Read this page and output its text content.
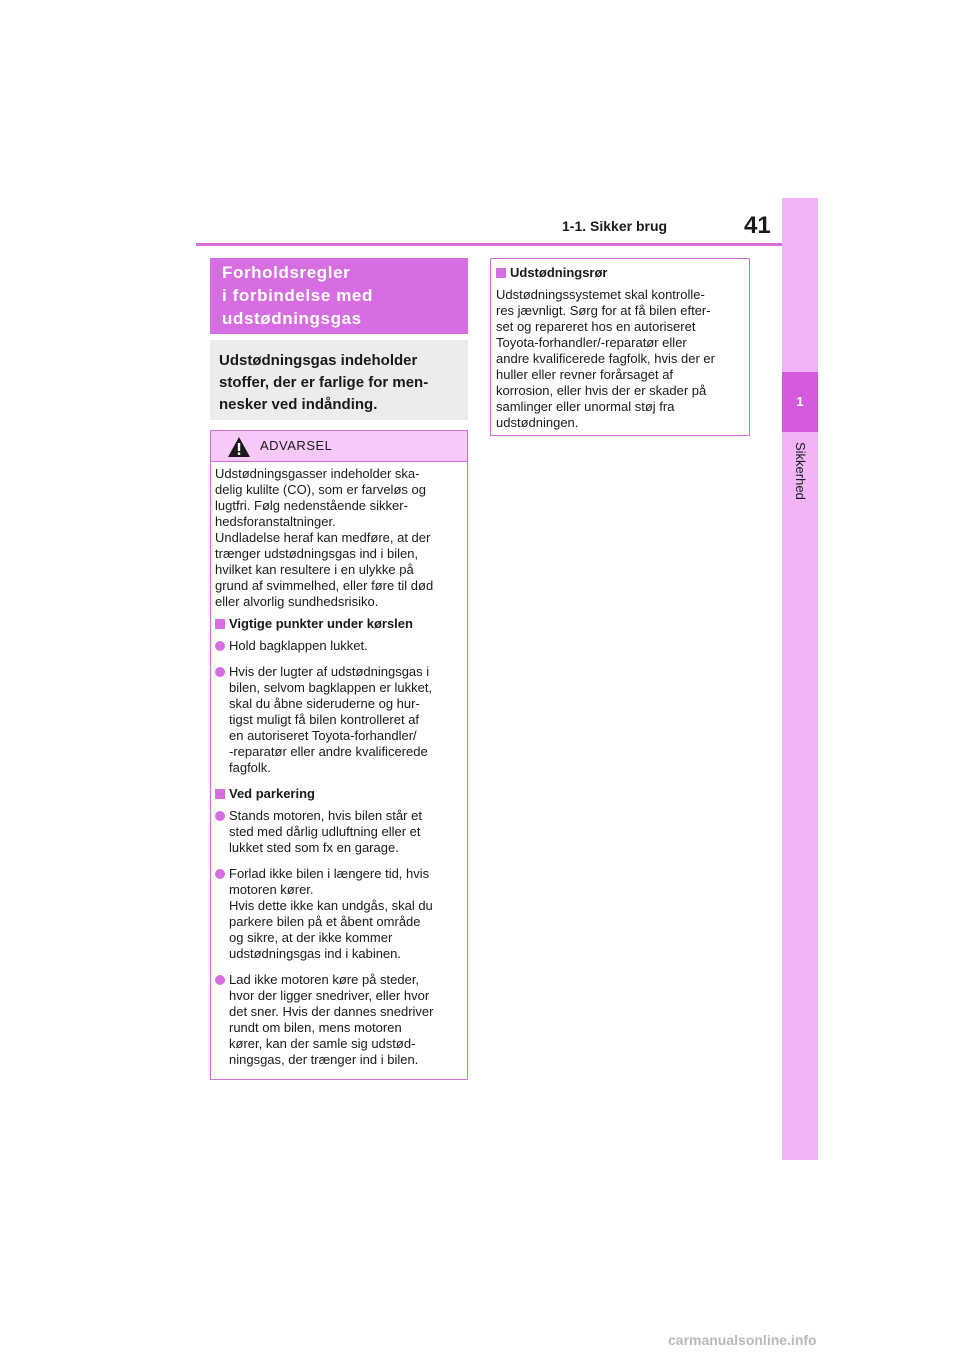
1-1. Sikker brug	41
1
Sikkerhed
Forholdsregler
i forbindelse med
udstødningsgas
Udstødningsgas indeholder
stoffer, der er farlige for men-
nesker ved indånding.
ADVARSEL
Udstødningsgasser indeholder ska-
delig kulilte (CO), som er farveløs og
lugtfri. Følg nedenstående sikker-
hedsforanstaltninger.
Undladelse heraf kan medføre, at der
trænger udstødningsgas ind i bilen,
hvilket kan resultere i en ulykke på
grund af svimmelhed, eller føre til død
eller alvorlig sundhedsrisiko.
Vigtige punkter under kørslen
Hold bagklappen lukket.
Hvis der lugter af udstødningsgas i
bilen, selvom bagklappen er lukket,
skal du åbne sideruderne og hur-
tigst muligt få bilen kontrolleret af
en autoriseret Toyota-forhandler/
-reparatør eller andre kvalificerede
fagfolk.
Ved parkering
Stands motoren, hvis bilen står et
sted med dårlig udluftning eller et
lukket sted som fx en garage.
Forlad ikke bilen i længere tid, hvis
motoren kører.
Hvis dette ikke kan undgås, skal du
parkere bilen på et åbent område
og sikre, at der ikke kommer
udstødningsgas ind i kabinen.
Lad ikke motoren køre på steder,
hvor der ligger snedriver, eller hvor
det sner. Hvis der dannes snedriver
rundt om bilen, mens motoren
kører, kan der samle sig udstød-
ningsgas, der trænger ind i bilen.
Udstødningsrør
Udstødningssystemet skal kontrolle-
res jævnligt. Sørg for at få bilen efter-
set og repareret hos en autoriseret
Toyota-forhandler/-reparatør eller
andre kvalificerede fagfolk, hvis der er
huller eller revner forårsaget af
korrosion, eller hvis der er skader på
samlinger eller unormal støj fra
udstødningen.
carmanualsonline.info
